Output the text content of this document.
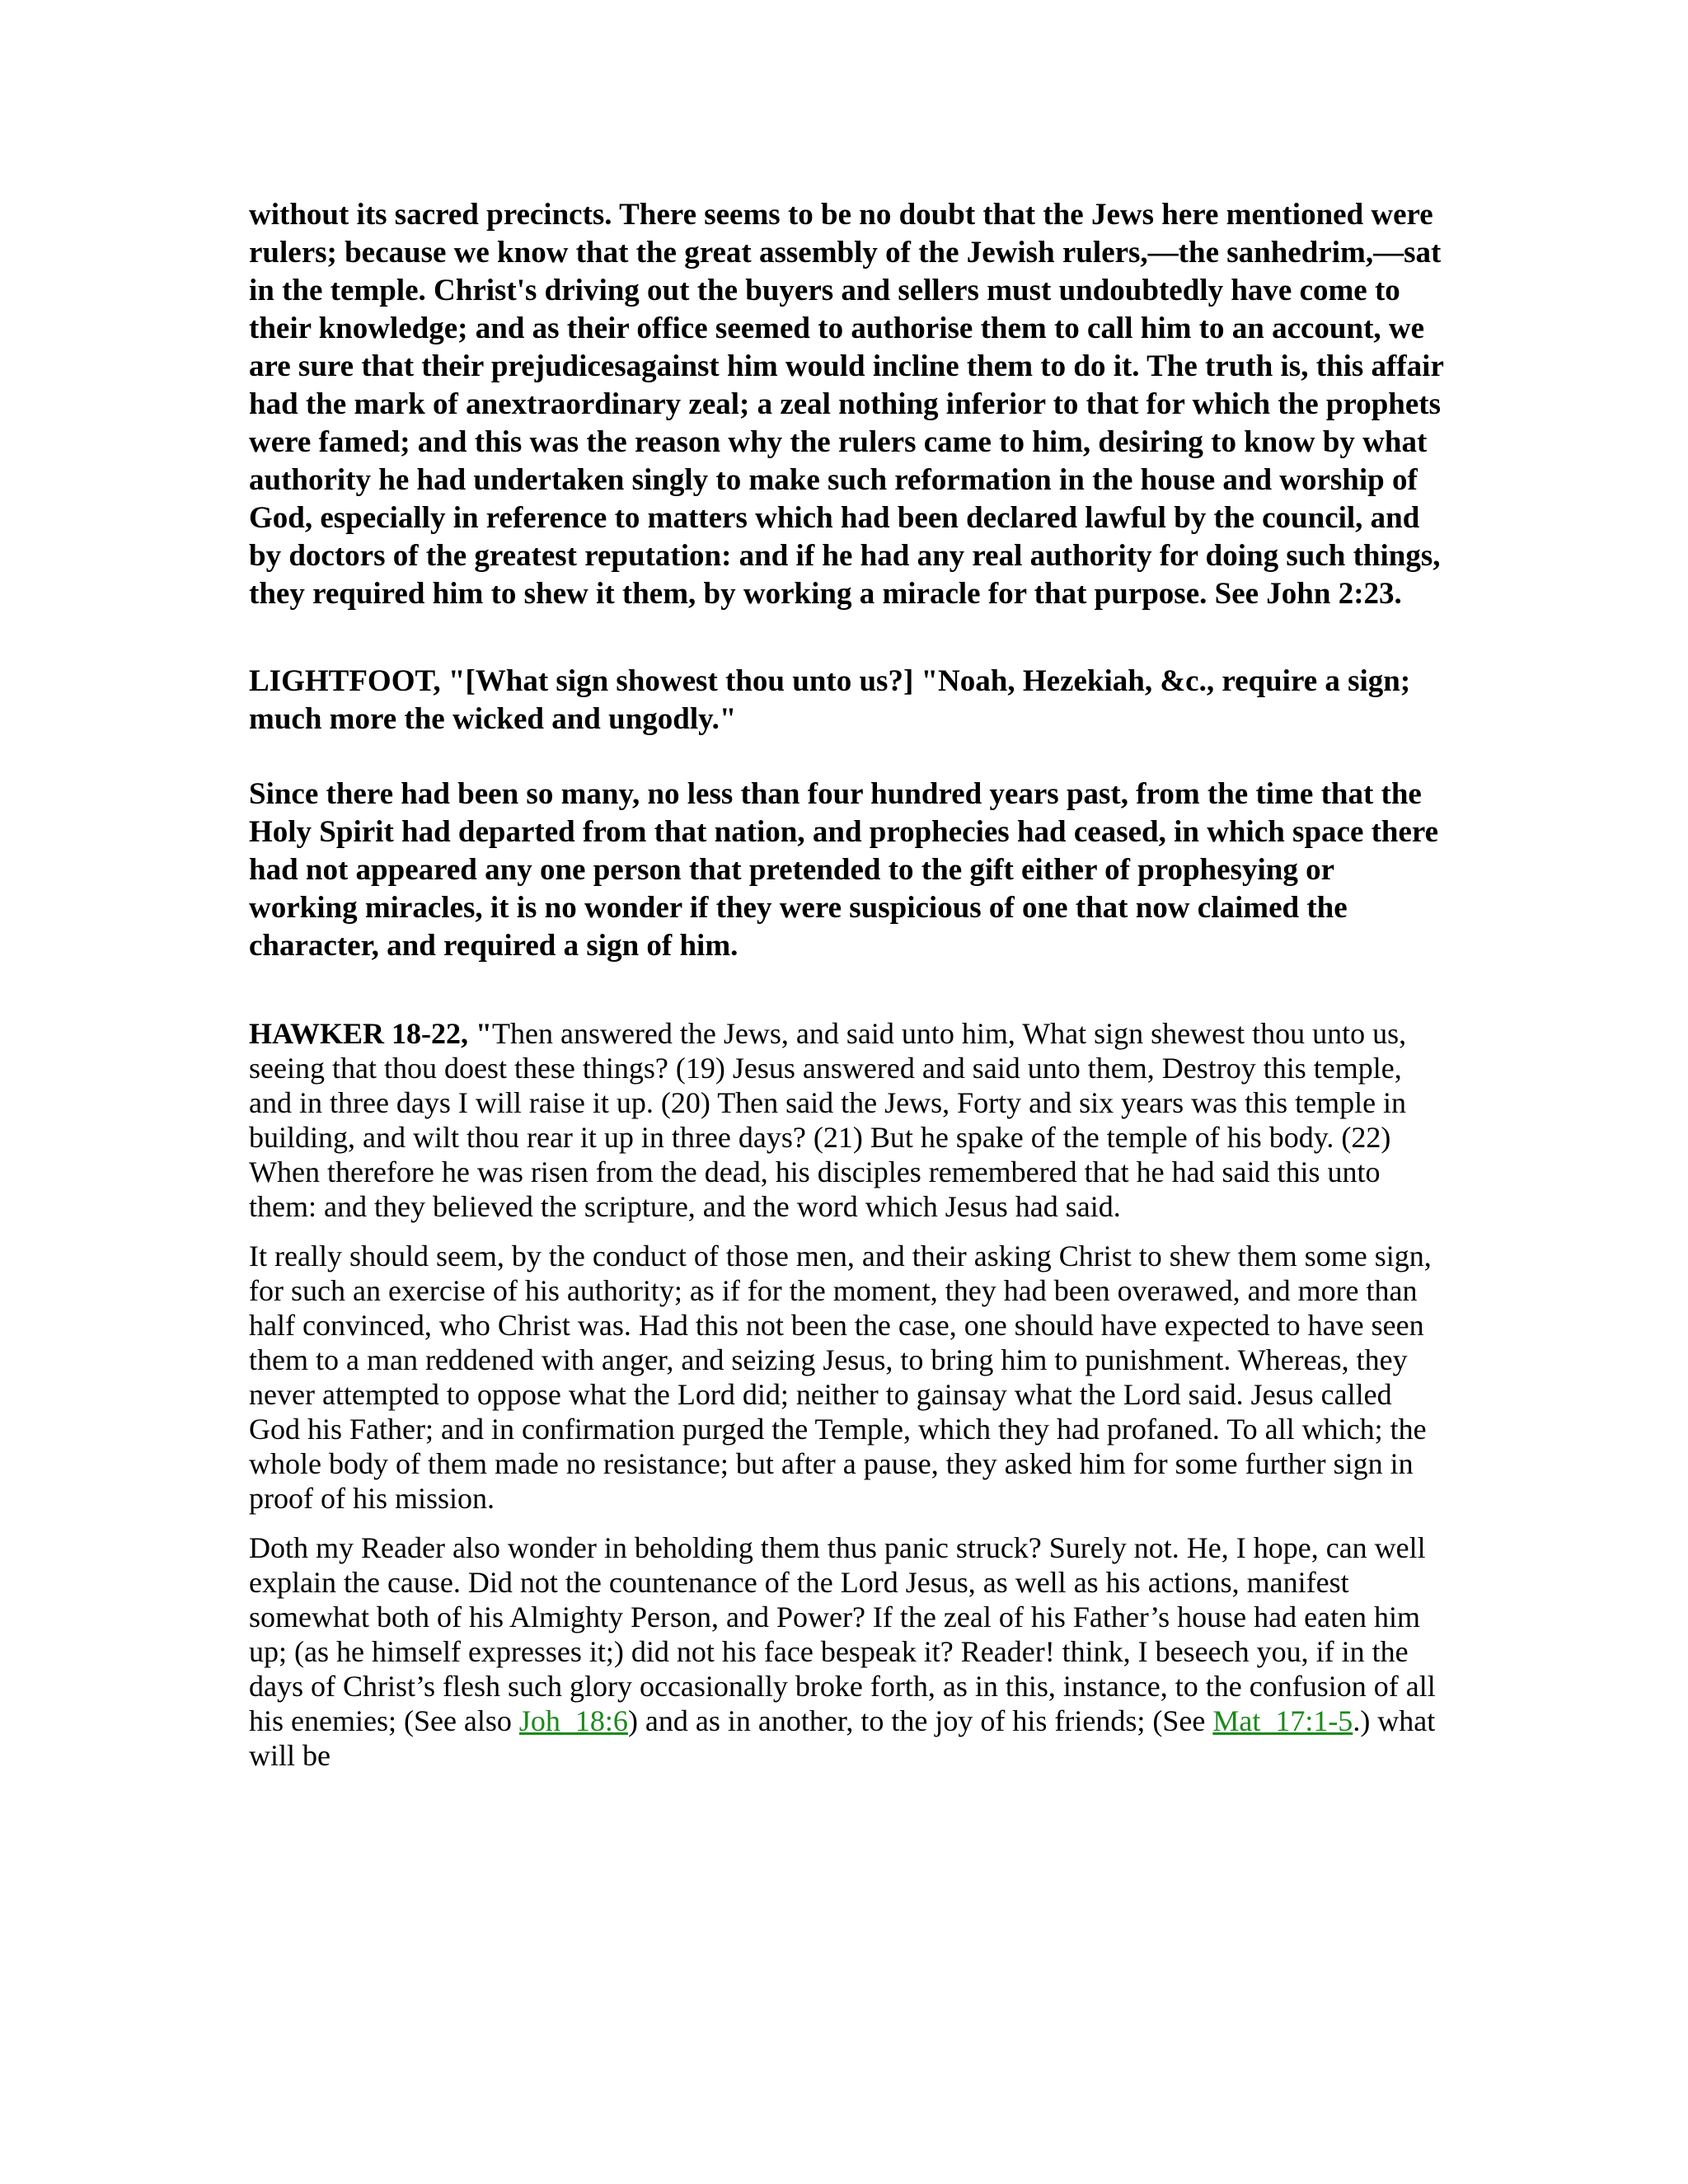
without its sacred precincts. There seems to be no doubt that the Jews here mentioned were rulers; because we know that the great assembly of the Jewish rulers,—the sanhedrim,—sat in the temple. Christ's driving out the buyers and sellers must undoubtedly have come to their knowledge; and as their office seemed to authorise them to call him to an account, we are sure that their prejudicesagainst him would incline them to do it. The truth is, this affair had the mark of anextraordinary zeal; a zeal nothing inferior to that for which the prophets were famed; and this was the reason why the rulers came to him, desiring to know by what authority he had undertaken singly to make such reformation in the house and worship of God, especially in reference to matters which had been declared lawful by the council, and by doctors of the greatest reputation: and if he had any real authority for doing such things, they required him to shew it them, by working a miracle for that purpose. See John 2:23.

LIGHTFOOT, "[What sign showest thou unto us?] "Noah, Hezekiah, &c., require a sign; much more the wicked and ungodly."

Since there had been so many, no less than four hundred years past, from the time that the Holy Spirit had departed from that nation, and prophecies had ceased, in which space there had not appeared any one person that pretended to the gift either of prophesying or working miracles, it is no wonder if they were suspicious of one that now claimed the character, and required a sign of him.

HAWKER 18-22, "Then answered the Jews, and said unto him, What sign shewest thou unto us, seeing that thou doest these things? (19) Jesus answered and said unto them, Destroy this temple, and in three days I will raise it up. (20) Then said the Jews, Forty and six years was this temple in building, and wilt thou rear it up in three days? (21) But he spake of the temple of his body. (22) When therefore he was risen from the dead, his disciples remembered that he had said this unto them: and they believed the scripture, and the word which Jesus had said.

It really should seem, by the conduct of those men, and their asking Christ to shew them some sign, for such an exercise of his authority; as if for the moment, they had been overawed, and more than half convinced, who Christ was. Had this not been the case, one should have expected to have seen them to a man reddened with anger, and seizing Jesus, to bring him to punishment. Whereas, they never attempted to oppose what the Lord did; neither to gainsay what the Lord said. Jesus called God his Father; and in confirmation purged the Temple, which they had profaned. To all which; the whole body of them made no resistance; but after a pause, they asked him for some further sign in proof of his mission.

Doth my Reader also wonder in beholding them thus panic struck? Surely not. He, I hope, can well explain the cause. Did not the countenance of the Lord Jesus, as well as his actions, manifest somewhat both of his Almighty Person, and Power? If the zeal of his Father’s house had eaten him up; (as he himself expresses it;) did not his face bespeak it? Reader! think, I beseech you, if in the days of Christ’s flesh such glory occasionally broke forth, as in this, instance, to the confusion of all his enemies; (See also Joh_18:6) and as in another, to the joy of his friends; (See Mat_17:1-5.) what will be
